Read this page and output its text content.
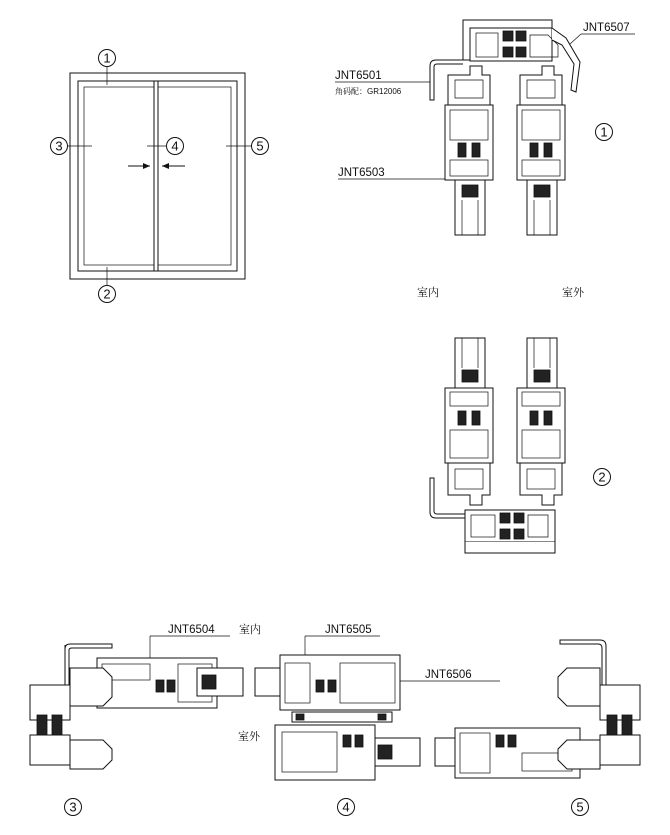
1
3	4	5
2
1
2
3	4	5
JNT6501
角码配：GR12006
JNT6507
JNT6503
室内	室外
JNT6504	JNT6505
JNT6506
室内
室外
